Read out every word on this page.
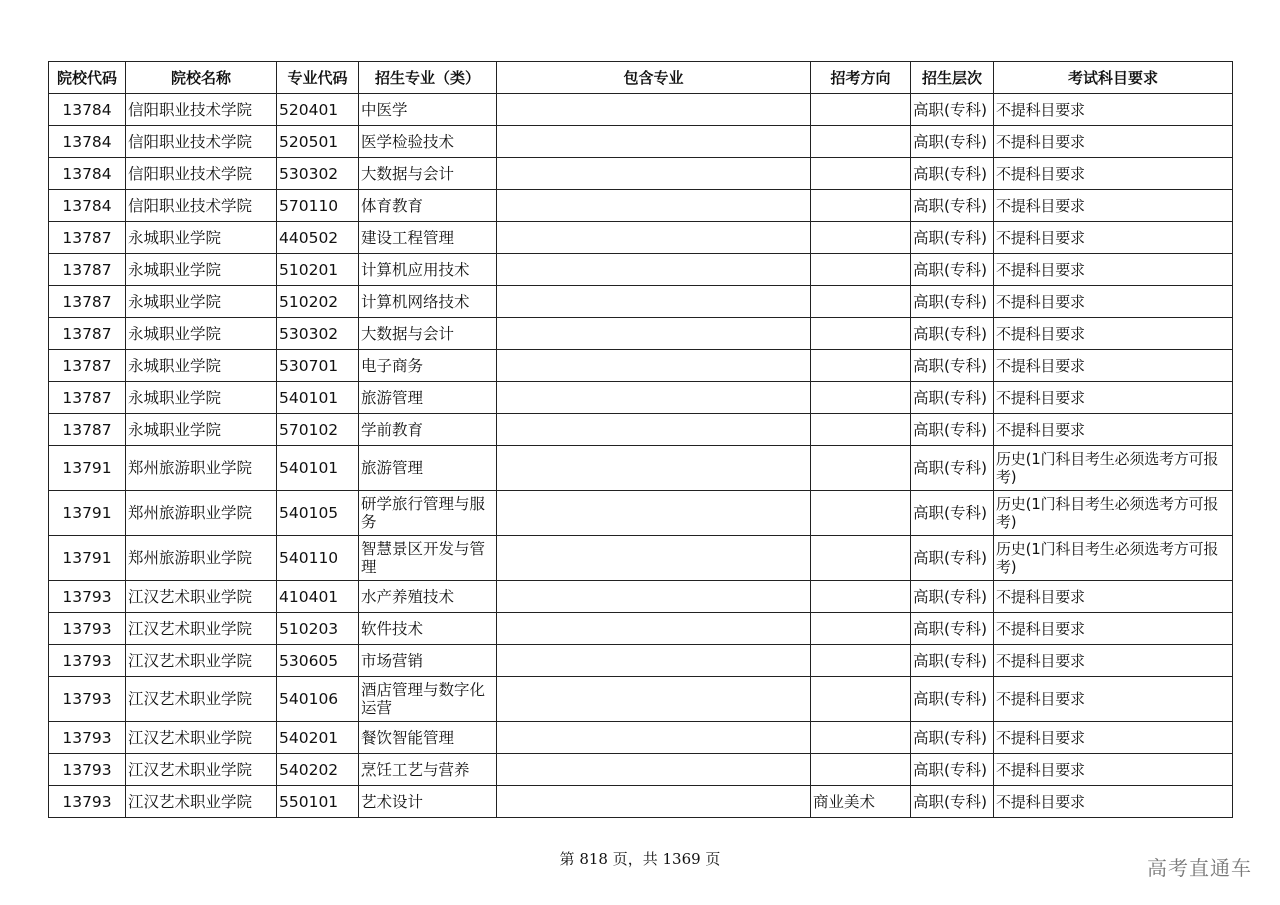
院校代码	院校名称	专业代码	招生专业（类）	包含专业	招考方向	招生层次	考试科目要求
13784	信阳职业技术学院	520401	中医学			高职(专科)	不提科目要求
13784	信阳职业技术学院	520501	医学检验技术			高职(专科)	不提科目要求
13784	信阳职业技术学院	530302	大数据与会计			高职(专科)	不提科目要求
13784	信阳职业技术学院	570110	体育教育			高职(专科)	不提科目要求
13787	永城职业学院	440502	建设工程管理			高职(专科)	不提科目要求
13787	永城职业学院	510201	计算机应用技术			高职(专科)	不提科目要求
13787	永城职业学院	510202	计算机网络技术			高职(专科)	不提科目要求
13787	永城职业学院	530302	大数据与会计			高职(专科)	不提科目要求
13787	永城职业学院	530701	电子商务			高职(专科)	不提科目要求
13787	永城职业学院	540101	旅游管理			高职(专科)	不提科目要求
13787	永城职业学院	570102	学前教育			高职(专科)	不提科目要求
13791	郑州旅游职业学院	540101	旅游管理			高职(专科)	历史(1门科目考生必须选考方可报考)
13791	郑州旅游职业学院	540105	研学旅行管理与服务			高职(专科)	历史(1门科目考生必须选考方可报考)
13791	郑州旅游职业学院	540110	智慧景区开发与管理			高职(专科)	历史(1门科目考生必须选考方可报考)
13793	江汉艺术职业学院	410401	水产养殖技术			高职(专科)	不提科目要求
13793	江汉艺术职业学院	510203	软件技术			高职(专科)	不提科目要求
13793	江汉艺术职业学院	530605	市场营销			高职(专科)	不提科目要求
13793	江汉艺术职业学院	540106	酒店管理与数字化运营			高职(专科)	不提科目要求
13793	江汉艺术职业学院	540201	餐饮智能管理			高职(专科)	不提科目要求
13793	江汉艺术职业学院	540202	烹饪工艺与营养			高职(专科)	不提科目要求
13793	江汉艺术职业学院	550101	艺术设计		商业美术	高职(专科)	不提科目要求
第 818 页，共 1369 页	高考直通车
